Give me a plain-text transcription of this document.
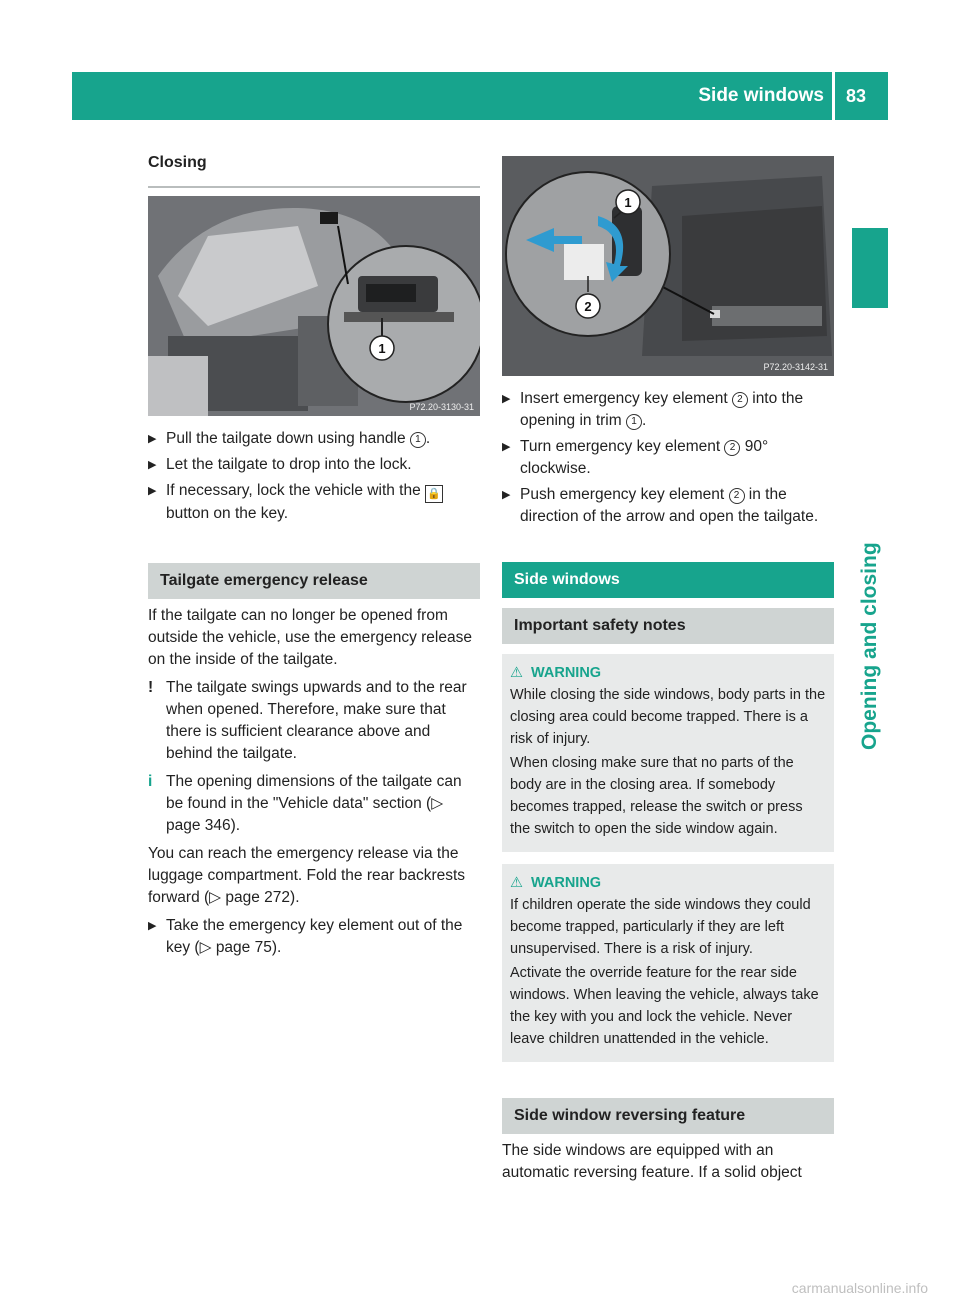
Side windows 83
Opening and closing
Closing
1
P72.20-3130-31
▶ Pull the tailgate down using handle 1 .
▶ Let the tailgate to drop into the lock.
▶ If necessary, lock the vehicle with the 🔒 button on the key.
Tailgate emergency release

If the tailgate can no longer be opened from outside the vehicle, use the emergency release on the inside of the tailgate.

! The tailgate swings upwards and to the rear when opened. Therefore, make sure that there is sufficient clearance above and behind the tailgate.
i The opening dimensions of the tailgate can be found in the "Vehicle data" section (▷ page 346).

You can reach the emergency release via the luggage compartment. Fold the rear backrests forward (▷ page 272).

▶ Take the emergency key element out of the key (▷ page 75).
1
2
P72.20-3142-31
▶ Insert emergency key element 2 into the opening in trim 1 .
▶ Turn emergency key element 2 90° clockwise.
▶ Push emergency key element 2 in the direction of the arrow and open the tailgate.
Side windows
Important safety notes
⚠ WARNING

While closing the side windows, body parts in the closing area could become trapped. There is a risk of injury.

When closing make sure that no parts of the body are in the closing area. If somebody becomes trapped, release the switch or press the switch to open the side window again.

⚠ WARNING

If children operate the side windows they could become trapped, particularly if they are left unsupervised. There is a risk of injury.

Activate the override feature for the rear side windows. When leaving the vehicle, always take the key with you and lock the vehicle. Never leave children unattended in the vehicle.

Side window reversing feature

The side windows are equipped with an automatic reversing feature. If a solid object

carmanualsonline.info
